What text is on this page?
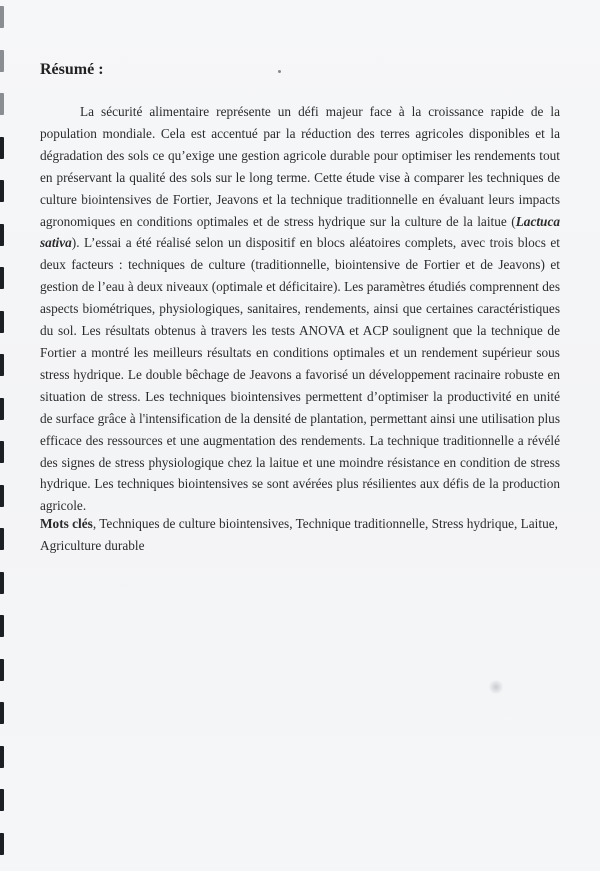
Résumé :

La sécurité alimentaire représente un défi majeur face à la croissance rapide de la population mondiale. Cela est accentué par la réduction des terres agricoles disponibles et la dégradation des sols ce qu’exige une gestion agricole durable pour optimiser les rendements tout en préservant la qualité des sols sur le long terme. Cette étude vise à comparer les techniques de culture biointensives de Fortier, Jeavons et la technique traditionnelle en évaluant leurs impacts agronomiques en conditions optimales et de stress hydrique sur la culture de la laitue (Lactuca sativa). L’essai a été réalisé selon un dispositif en blocs aléatoires complets, avec trois blocs et deux facteurs : techniques de culture (traditionnelle, biointensive de Fortier et de Jeavons) et gestion de l’eau à deux niveaux (optimale et déficitaire). Les paramètres étudiés comprennent des aspects biométriques, physiologiques, sanitaires, rendements, ainsi que certaines caractéristiques du sol. Les résultats obtenus à travers les tests ANOVA et ACP soulignent que la technique de Fortier a montré les meilleurs résultats en conditions optimales et un rendement supérieur sous stress hydrique. Le double bêchage de Jeavons a favorisé un développement racinaire robuste en situation de stress. Les techniques biointensives permettent d’optimiser la productivité en unité de surface grâce à l'intensification de la densité de plantation, permettant ainsi une utilisation plus efficace des ressources et une augmentation des rendements. La technique traditionnelle a révélé des signes de stress physiologique chez la laitue et une moindre résistance en condition de stress hydrique. Les techniques biointensives se sont avérées plus résilientes aux défis de la production agricole.

Mots clés, Techniques de culture biointensives, Technique traditionnelle, Stress hydrique, Laitue, Agriculture durable
